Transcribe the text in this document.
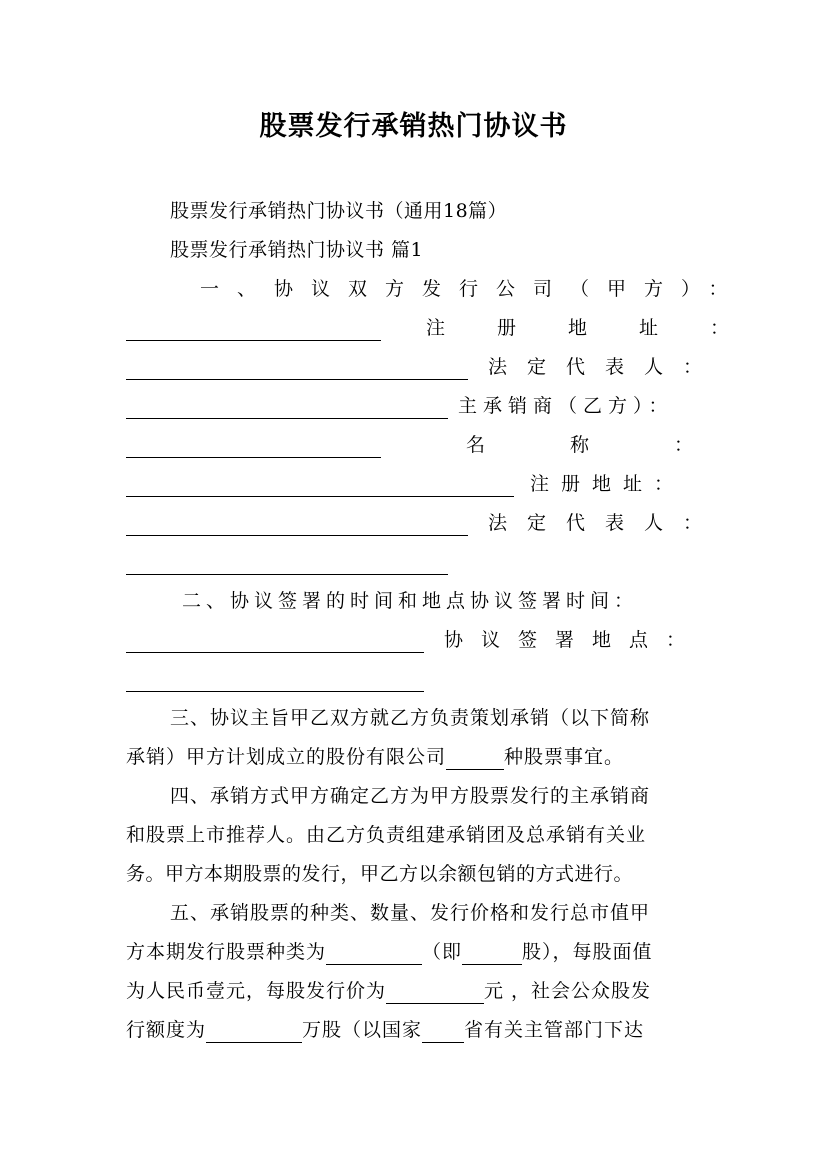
股票发行承销热门协议书
股票发行承销热门协议书（通用18篇）
股票发行承销热门协议书 篇1
一、协议双方发行公司（甲方）：
注册地址：
法定代表人：
主承销商（乙方）：
名称：
注册地址：
法定代表人：
二、协议签署的时间和地点协议签署时间：
协议签署地点：
三、协议主旨甲乙双方就乙方负责策划承销（以下简称
承销）甲方计划成立的股份有限公司	种股票事宜。
四、承销方式甲方确定乙方为甲方股票发行的主承销商
和股票上市推荐人。由乙方负责组建承销团及总承销有关业
务。甲方本期股票的发行，甲乙方以余额包销的方式进行。
五、承销股票的种类、数量、发行价格和发行总市值甲
方本期发行股票种类为	（即	股），每股面值
为人民币壹元，每股发行价为	元 ，社会公众股发
行额度为	万股（以国家 省有关主管部门下达
